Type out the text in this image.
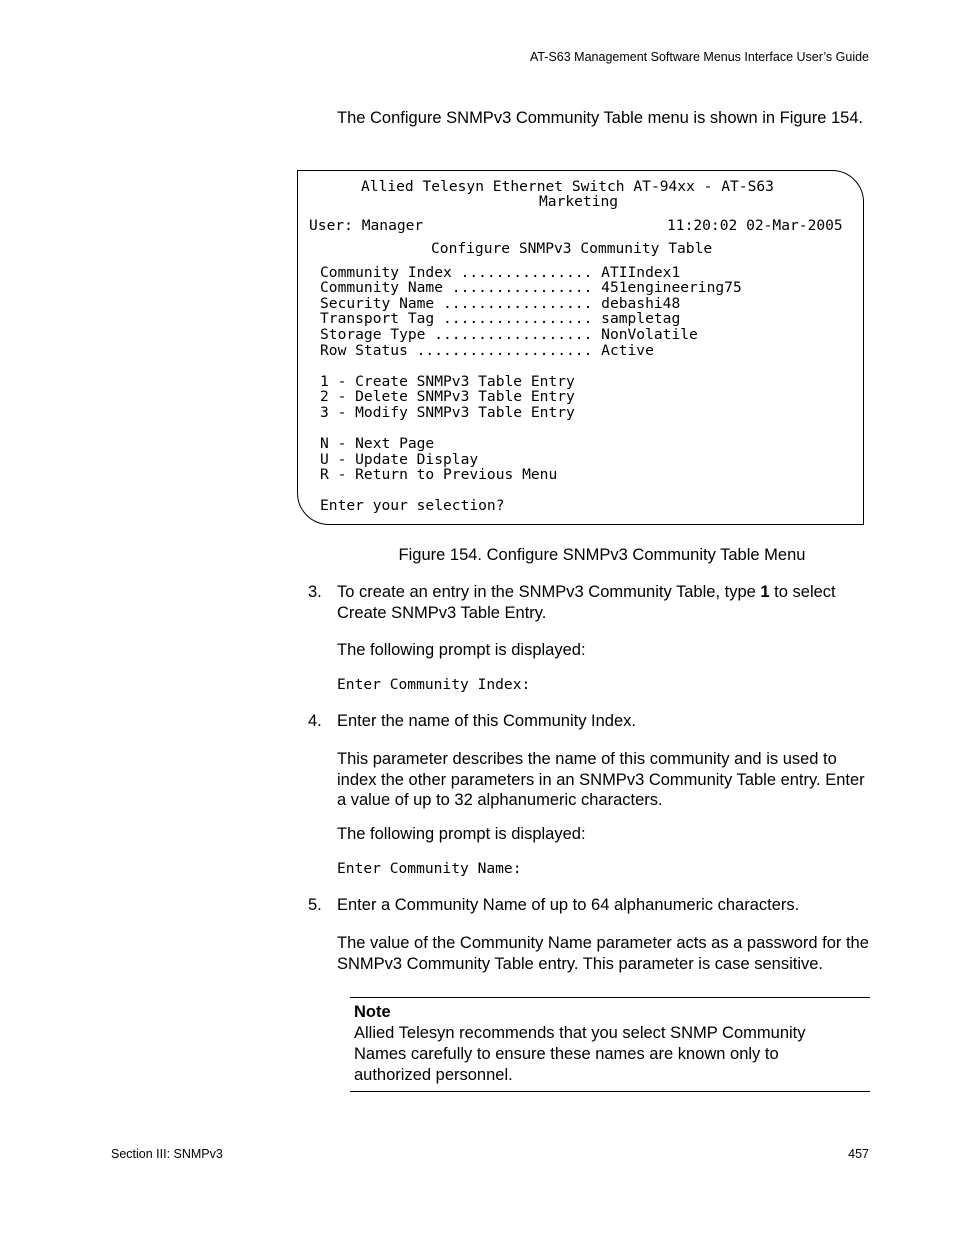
AT-S63 Management Software Menus Interface User’s Guide
The Configure SNMPv3 Community Table menu is shown in Figure 154.
Allied Telesyn Ethernet Switch AT-94xx - AT-S63
Marketing
User: Manager	11:20:02 02-Mar-2005
Configure SNMPv3 Community Table
Community Index ............... ATIIndex1
Community Name ................ 451engineering75
Security Name ................. debashi48
Transport Tag ................. sampletag
Storage Type .................. NonVolatile
Row Status .................... Active
1 - Create SNMPv3 Table Entry
2 - Delete SNMPv3 Table Entry
3 - Modify SNMPv3 Table Entry
N - Next Page
U - Update Display
R - Return to Previous Menu
Enter your selection?
Figure 154. Configure SNMPv3 Community Table Menu
3. To create an entry in the SNMPv3 Community Table, type 1 to select Create SNMPv3 Table Entry.
The following prompt is displayed:
Enter Community Index:
4. Enter the name of this Community Index.
This parameter describes the name of this community and is used to index the other parameters in an SNMPv3 Community Table entry. Enter a value of up to 32 alphanumeric characters.
The following prompt is displayed:
Enter Community Name:
5. Enter a Community Name of up to 64 alphanumeric characters.
The value of the Community Name parameter acts as a password for the SNMPv3 Community Table entry. This parameter is case sensitive.
Note
Allied Telesyn recommends that you select SNMP Community Names carefully to ensure these names are known only to authorized personnel.
Section III: SNMPv3	457
